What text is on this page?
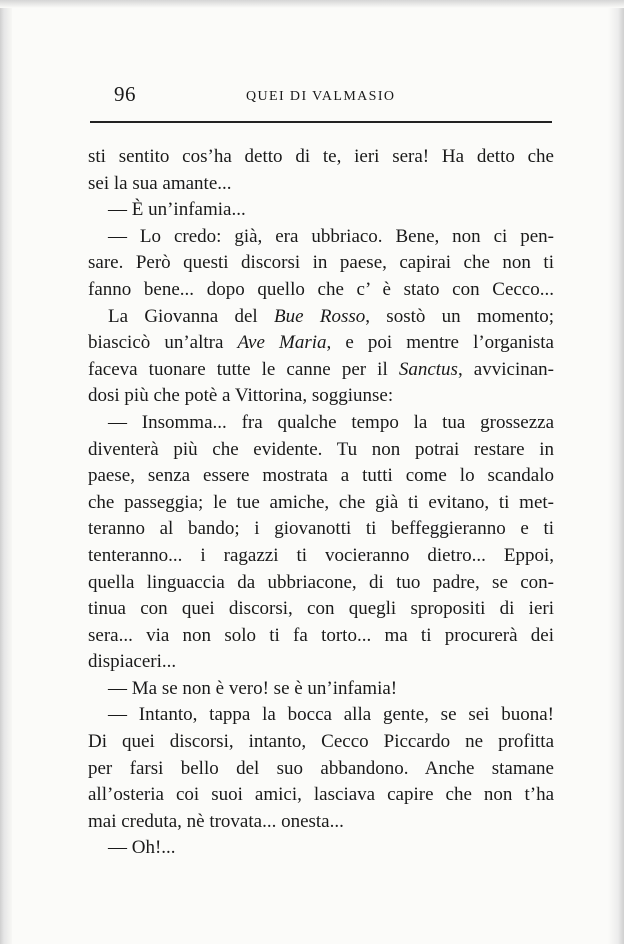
96	QUEI DI VALMASIO
sti sentito cos’ha detto di te, ieri sera! Ha detto che
sei la sua amante...
— È un’infamia...
— Lo credo: già, era ubbriaco. Bene, non ci pen-
sare. Però questi discorsi in paese, capirai che non ti
fanno bene... dopo quello che c’ è stato con Cecco...
La Giovanna del Bue Rosso, sostò un momento;
biascicò un’altra Ave Maria, e poi mentre l’organista
faceva tuonare tutte le canne per il Sanctus, avvicinan-
dosi più che potè a Vittorina, soggiunse:
— Insomma... fra qualche tempo la tua grossezza
diventerà più che evidente. Tu non potrai restare in
paese, senza essere mostrata a tutti come lo scandalo
che passeggia; le tue amiche, che già ti evitano, ti met-
teranno al bando; i giovanotti ti beffeggieranno e ti
tenteranno... i ragazzi ti vocieranno dietro... Eppoi,
quella linguaccia da ubbriacone, di tuo padre, se con-
tinua con quei discorsi, con quegli spropositi di ieri
sera... via non solo ti fa torto... ma ti procurerà dei
dispiaceri...
— Ma se non è vero! se è un’infamia!
— Intanto, tappa la bocca alla gente, se sei buona!
Di quei discorsi, intanto, Cecco Piccardo ne profitta
per farsi bello del suo abbandono. Anche stamane
all’osteria coi suoi amici, lasciava capire che non t’ha
mai creduta, nè trovata... onesta...
— Oh!...
